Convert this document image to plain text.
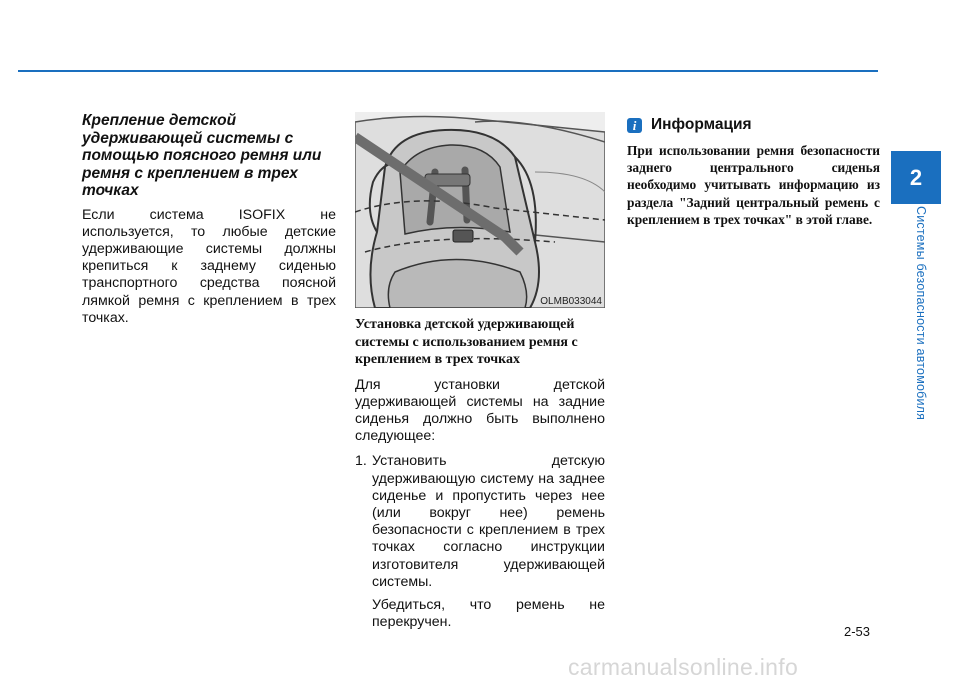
2
Системы безопасности автомобиля
Крепление детской удерживающей системы с помощью поясного ремня или ремня с креплением в трех точках

Если система ISOFIX не используется, то любые детские удерживающие системы должны крепиться к заднему сиденью транспортного средства поясной лямкой ремня с креплением в трех точках.

OLMB033044
Установка детской удерживающей системы с использованием ремня с креплением в трех точках

Для установки детской удерживающей системы на задние сиденья должно быть выполнено следующее:

1. Установить детскую удерживающую систему на заднее сиденье и пропустить через нее (или вокруг нее) ремень безопасности с креплением в трех точках согласно инструкции изготовителя удерживающей системы.

Убедиться, что ремень не перекручен.

i Информация

При использовании ремня безопасности заднего центрального сиденья необходимо учитывать информацию из раздела "Задний центральный ремень с креплением в трех точках" в этой главе.

2-53
carmanualsonline.info
